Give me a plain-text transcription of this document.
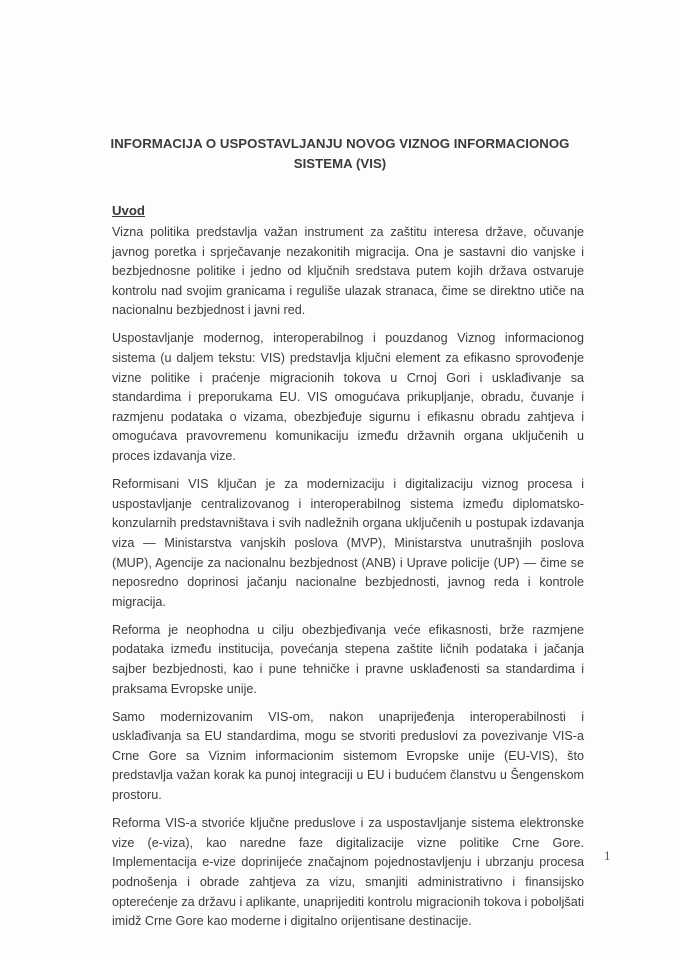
INFORMACIJA O USPOSTAVLJANJU NOVOG VIZNOG INFORMACIONOG SISTEMA (VIS)
Uvod

Vizna politika predstavlja važan instrument za zaštitu interesa države, očuvanje javnog poretka i sprječavanje nezakonitih migracija. Ona je sastavni dio vanjske i bezbjednosne politike i jedno od ključnih sredstava putem kojih država ostvaruje kontrolu nad svojim granicama i reguliše ulazak stranaca, čime se direktno utiče na nacionalnu bezbjednost i javni red.

Uspostavljanje modernog, interoperabilnog i pouzdanog Viznog informacionog sistema (u daljem tekstu: VIS) predstavlja ključni element za efikasno sprovođenje vizne politike i praćenje migracionih tokova u Crnoj Gori i usklađivanje sa standardima i preporukama EU. VIS omogućava prikupljanje, obradu, čuvanje i razmjenu podataka o vizama, obezbjeđuje sigurnu i efikasnu obradu zahtjeva i omogućava pravovremenu komunikaciju između državnih organa uključenih u proces izdavanja vize.

Reformisani VIS ključan je za modernizaciju i digitalizaciju viznog procesa i uspostavljanje centralizovanog i interoperabilnog sistema između diplomatsko-konzularnih predstavništava i svih nadležnih organa uključenih u postupak izdavanja viza — Ministarstva vanjskih poslova (MVP), Ministarstva unutrašnjih poslova (MUP), Agencije za nacionalnu bezbjednost (ANB) i Uprave policije (UP) — čime se neposredno doprinosi jačanju nacionalne bezbjednosti, javnog reda i kontrole migracija.

Reforma je neophodna u cilju obezbjeđivanja veće efikasnosti, brže razmjene podataka između institucija, povećanja stepena zaštite ličnih podataka i jačanja sajber bezbjednosti, kao i pune tehničke i pravne usklađenosti sa standardima i praksama Evropske unije.

Samo modernizovanim VIS-om, nakon unaprijeđenja interoperabilnosti i usklađivanja sa EU standardima, mogu se stvoriti preduslovi za povezivanje VIS-a Crne Gore sa Viznim informacionim sistemom Evropske unije (EU-VIS), što predstavlja važan korak ka punoj integraciji u EU i budućem članstvu u Šengenskom prostoru.

Reforma VIS-a stvoriće ključne preduslove i za uspostavljanje sistema elektronske vize (e-viza), kao naredne faze digitalizacije vizne politike Crne Gore. Implementacija e-vize doprinijeće značajnom pojednostavljenju i ubrzanju procesa podnošenja i obrade zahtjeva za vizu, smanjiti administrativno i finansijsko opterećenje za državu i aplikante, unaprijediti kontrolu migracionih tokova i poboljšati imidž Crne Gore kao moderne i digitalno orijentisane destinacije.

1
